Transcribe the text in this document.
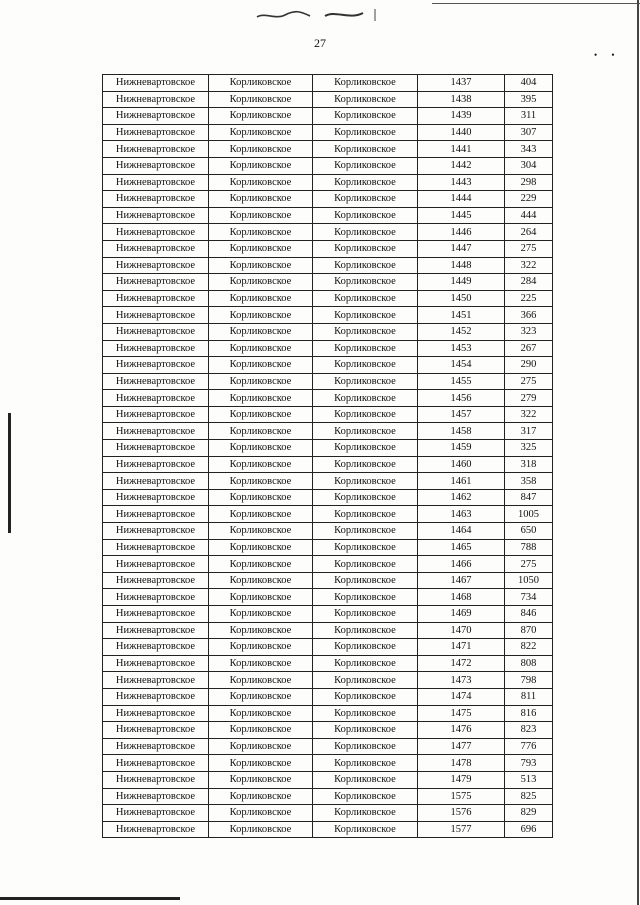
27
• •
Нижневартовское	Корликовское	Корликовское	1437	404
Нижневартовское	Корликовское	Корликовское	1438	395
Нижневартовское	Корликовское	Корликовское	1439	311
Нижневартовское	Корликовское	Корликовское	1440	307
Нижневартовское	Корликовское	Корликовское	1441	343
Нижневартовское	Корликовское	Корликовское	1442	304
Нижневартовское	Корликовское	Корликовское	1443	298
Нижневартовское	Корликовское	Корликовское	1444	229
Нижневартовское	Корликовское	Корликовское	1445	444
Нижневартовское	Корликовское	Корликовское	1446	264
Нижневартовское	Корликовское	Корликовское	1447	275
Нижневартовское	Корликовское	Корликовское	1448	322
Нижневартовское	Корликовское	Корликовское	1449	284
Нижневартовское	Корликовское	Корликовское	1450	225
Нижневартовское	Корликовское	Корликовское	1451	366
Нижневартовское	Корликовское	Корликовское	1452	323
Нижневартовское	Корликовское	Корликовское	1453	267
Нижневартовское	Корликовское	Корликовское	1454	290
Нижневартовское	Корликовское	Корликовское	1455	275
Нижневартовское	Корликовское	Корликовское	1456	279
Нижневартовское	Корликовское	Корликовское	1457	322
Нижневартовское	Корликовское	Корликовское	1458	317
Нижневартовское	Корликовское	Корликовское	1459	325
Нижневартовское	Корликовское	Корликовское	1460	318
Нижневартовское	Корликовское	Корликовское	1461	358
Нижневартовское	Корликовское	Корликовское	1462	847
Нижневартовское	Корликовское	Корликовское	1463	1005
Нижневартовское	Корликовское	Корликовское	1464	650
Нижневартовское	Корликовское	Корликовское	1465	788
Нижневартовское	Корликовское	Корликовское	1466	275
Нижневартовское	Корликовское	Корликовское	1467	1050
Нижневартовское	Корликовское	Корликовское	1468	734
Нижневартовское	Корликовское	Корликовское	1469	846
Нижневартовское	Корликовское	Корликовское	1470	870
Нижневартовское	Корликовское	Корликовское	1471	822
Нижневартовское	Корликовское	Корликовское	1472	808
Нижневартовское	Корликовское	Корликовское	1473	798
Нижневартовское	Корликовское	Корликовское	1474	811
Нижневартовское	Корликовское	Корликовское	1475	816
Нижневартовское	Корликовское	Корликовское	1476	823
Нижневартовское	Корликовское	Корликовское	1477	776
Нижневартовское	Корликовское	Корликовское	1478	793
Нижневартовское	Корликовское	Корликовское	1479	513
Нижневартовское	Корликовское	Корликовское	1575	825
Нижневартовское	Корликовское	Корликовское	1576	829
Нижневартовское	Корликовское	Корликовское	1577	696
